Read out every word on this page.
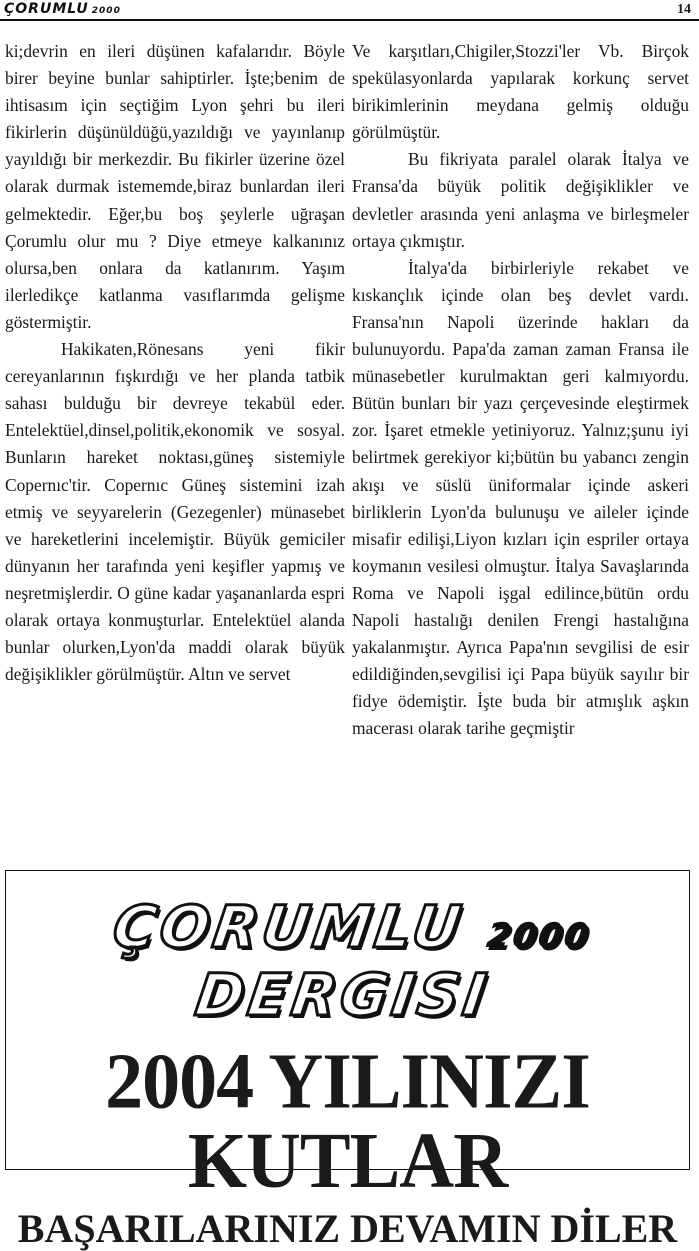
ÇORUMLU 2000	14

ki;devrin en ileri düşünen kafalarıdır. Böyle birer beyine bunlar sahiptirler. İşte;benim de ihtisasım için seçtiğim Lyon şehri bu ileri fikirlerin düşünüldüğü,yazıldığı ve yayınlanıp yayıldığı bir merkezdir. Bu fikirler üzerine özel olarak durmak istememde,biraz bunlardan ileri gelmektedir. Eğer,bu boş şeylerle uğraşan Çorumlu olur mu ? Diye etmeye kalkanınız olursa,ben onlara da katlanırım. Yaşım ilerledikçe katlanma vasıflarımda gelişme göstermiştir.

Hakikaten,Rönesans yeni fikir cereyanlarının fışkırdığı ve her planda tatbik sahası bulduğu bir devreye tekabül eder. Entelektüel,dinsel,politik,ekonomik ve sosyal. Bunların hareket noktası,güneş sistemiyle Copernıc'tir. Copernıc Güneş sistemini izah etmiş ve seyyarelerin (Gezegenler) münasebet ve hareketlerini incelemiştir. Büyük gemiciler dünyanın her tarafında yeni keşifler yapmış ve neşretmişlerdir. O güne kadar yaşananlarda espri olarak ortaya konmuşturlar. Entelektüel alanda bunlar olurken,Lyon'da maddi olarak büyük değişiklikler görülmüştür. Altın ve servet

Ve karşıtları,Chigiler,Stozzi'ler Vb. Birçok spekülasyonlarda yapılarak korkunç servet birikimlerinin meydana gelmiş olduğu görülmüştür.

Bu fikriyata paralel olarak İtalya ve Fransa'da büyük politik değişiklikler ve devletler arasında yeni anlaşma ve birleşmeler ortaya çıkmıştır.

İtalya'da birbirleriyle rekabet ve kıskançlık içinde olan beş devlet vardı. Fransa'nın Napoli üzerinde hakları da bulunuyordu. Papa'da zaman zaman Fransa ile münasebetler kurulmaktan geri kalmıyordu. Bütün bunları bir yazı çerçevesinde eleştirmek zor. İşaret etmekle yetiniyoruz. Yalnız;şunu iyi belirtmek gerekiyor ki;bütün bu yabancı zengin akışı ve süslü üniformalar içinde askeri birliklerin Lyon'da bulunuşu ve aileler içinde misafir edilişi,Liyon kızları için espriler ortaya koymanın vesilesi olmuştur. İtalya Savaşlarında Roma ve Napoli işgal edilince,bütün ordu Napoli hastalığı denilen Frengi hastalığına yakalanmıştır. Ayrıca Papa'nın sevgilisi de esir edildiğinden,sevgilisi içi Papa büyük sayılır bir fidye ödemiştir. İşte buda bir atmışlık aşkın macerası olarak tarihe geçmiştir

ÇORUMLU 2000 DERGISI
2004 YILINIZI KUTLAR
BAŞARILARINIZ DEVAMIN DİLER
